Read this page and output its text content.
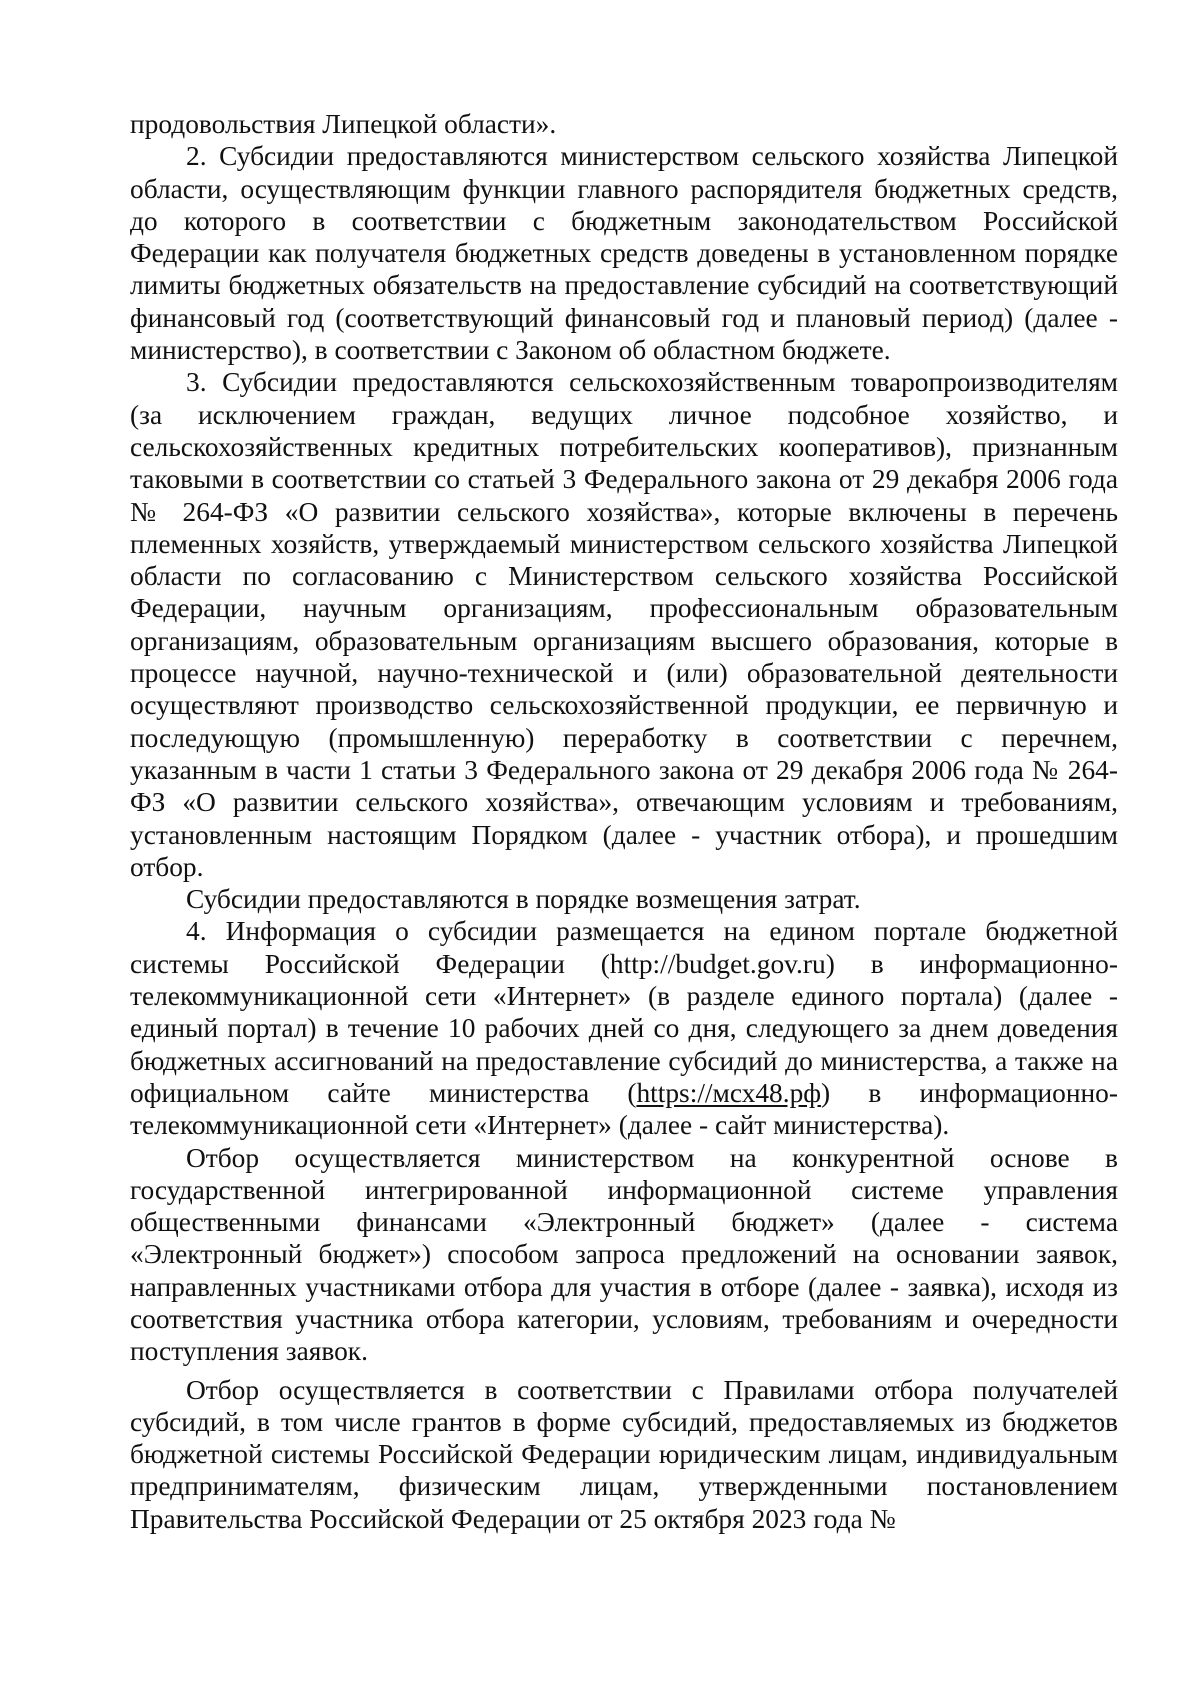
продовольствия Липецкой области».

2. Субсидии предоставляются министерством сельского хозяйства Липецкой области, осуществляющим функции главного распорядителя бюджетных средств, до которого в соответствии с бюджетным законодательством Российской Федерации как получателя бюджетных средств доведены в установленном порядке лимиты бюджетных обязательств на предоставление субсидий на соответствующий финансовый год (соответствующий финансовый год и плановый период) (далее - министерство), в соответствии с Законом об областном бюджете.

3. Субсидии предоставляются сельскохозяйственным товаропроизводителям (за исключением граждан, ведущих личное подсобное хозяйство, и сельскохозяйственных кредитных потребительских кооперативов), признанным таковыми в соответствии со статьей 3 Федерального закона от 29 декабря 2006 года № 264-ФЗ «О развитии сельского хозяйства», которые включены в перечень племенных хозяйств, утверждаемый министерством сельского хозяйства Липецкой области по согласованию с Министерством сельского хозяйства Российской Федерации, научным организациям, профессиональным образовательным организациям, образовательным организациям высшего образования, которые в процессе научной, научно-технической и (или) образовательной деятельности осуществляют производство сельскохозяйственной продукции, ее первичную и последующую (промышленную) переработку в соответствии с перечнем, указанным в части 1 статьи 3 Федерального закона от 29 декабря 2006 года № 264-ФЗ «О развитии сельского хозяйства», отвечающим условиям и требованиям, установленным настоящим Порядком (далее - участник отбора), и прошедшим отбор.

Субсидии предоставляются в порядке возмещения затрат.

4. Информация о субсидии размещается на едином портале бюджетной системы Российской Федерации (http://budget.gov.ru) в информационно-телекоммуникационной сети «Интернет» (в разделе единого портала) (далее - единый портал) в течение 10 рабочих дней со дня, следующего за днем доведения бюджетных ассигнований на предоставление субсидий до министерства, а также на официальном сайте министерства (https://мсх48.рф) в информационно-телекоммуникационной сети «Интернет» (далее - сайт министерства).

Отбор осуществляется министерством на конкурентной основе в государственной интегрированной информационной системе управления общественными финансами «Электронный бюджет» (далее - система «Электронный бюджет») способом запроса предложений на основании заявок, направленных участниками отбора для участия в отборе (далее - заявка), исходя из соответствия участника отбора категории, условиям, требованиям и очередности поступления заявок.

Отбор осуществляется в соответствии с Правилами отбора получателей субсидий, в том числе грантов в форме субсидий, предоставляемых из бюджетов бюджетной системы Российской Федерации юридическим лицам, индивидуальным предпринимателям, физическим лицам, утвержденными постановлением Правительства Российской Федерации от 25 октября 2023 года №
